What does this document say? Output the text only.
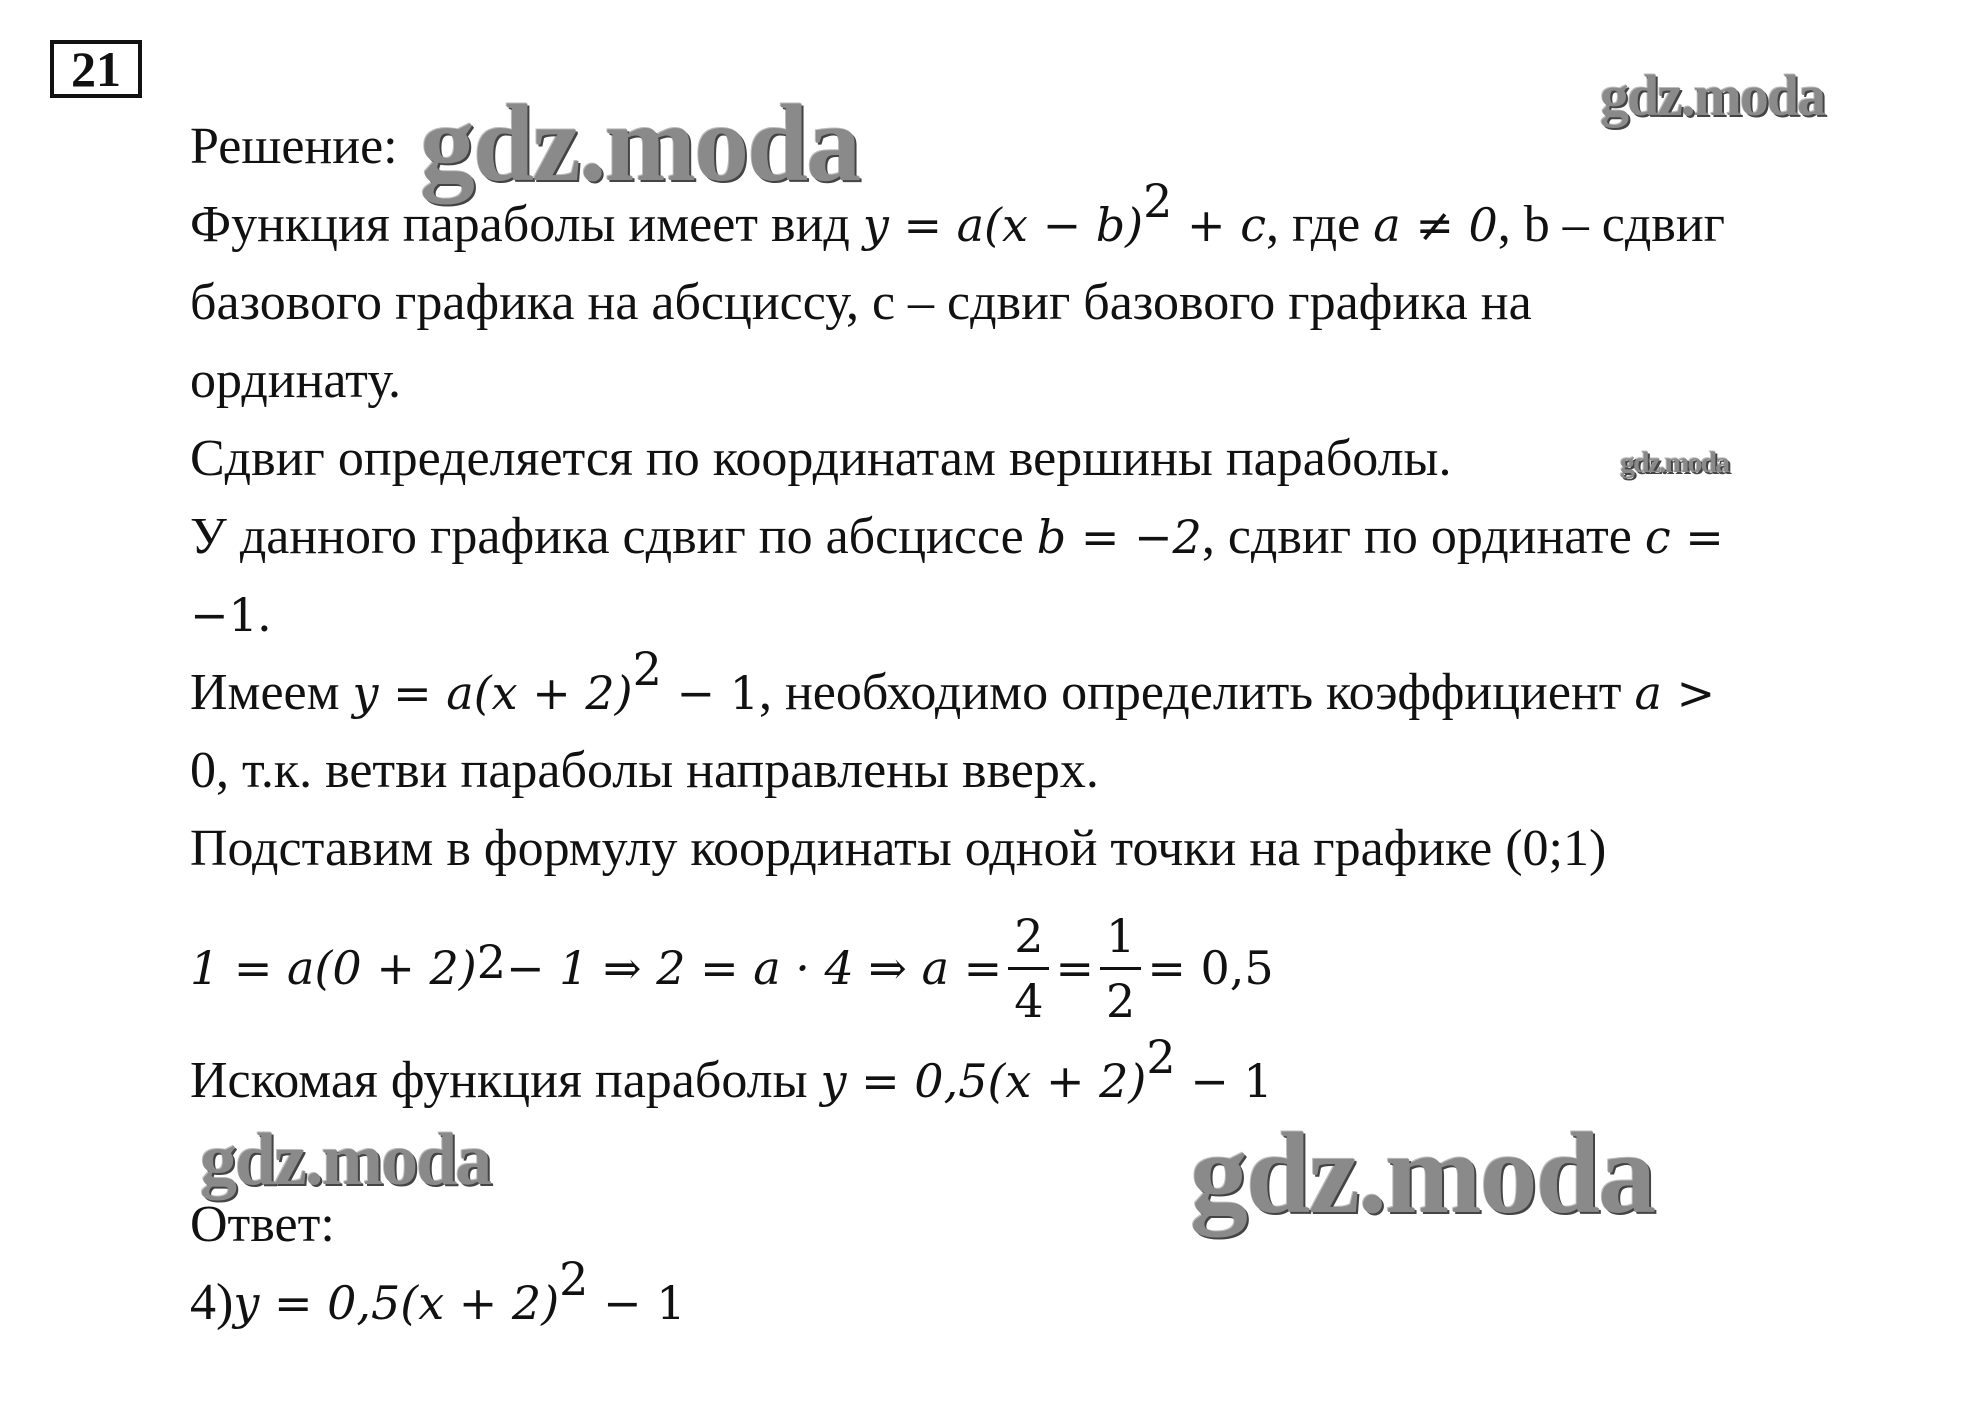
21
gdz.moda	gdz.moda
gdz.moda
gdz.moda	gdz.moda
Решение:
Функция параболы имеет вид $y = a(x - b)^2 + c$, где a ≠ 0, b – сдвиг
базового графика на абсциссу, c – сдвиг базового графика на
ординату.
Сдвиг определяется по координатам вершины параболы.
У данного графика сдвиг по абсциссе b = −2, сдвиг по ординате c =
−1.
Имеем $y = a(x + 2)^2 - 1$, необходимо определить коэффициент a >
0, т.к. ветви параболы направлены вверх.
Подставим в формулу координаты одной точки на графике (0;1)
$1 = a(0 + 2)^2 - 1$ ⇒ 2 = a · 4 ⇒ $a = \frac{2}{4} = \frac{1}{2} = 0,5$
Искомая функция параболы $y = 0,5(x + 2)^2 - 1$
Ответ:
$4)y = 0,5(x + 2)^2 - 1$
